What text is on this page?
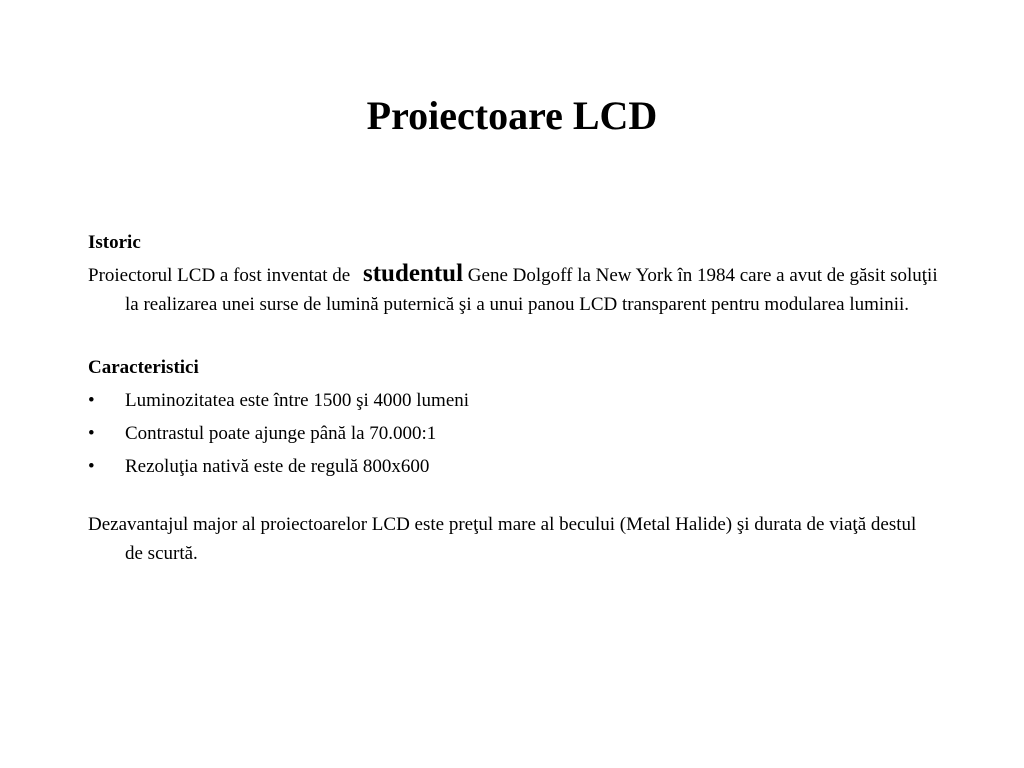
Proiectoare LCD

Istoric

Proiectorul LCD a fost inventat de studentul Gene Dolgoff la New York în 1984 care a avut de găsit soluţii la realizarea unei surse de lumină puternică şi a unui panou LCD transparent pentru modularea luminii.

Caracteristici

• Luminozitatea este între 1500 şi 4000 lumeni
• Contrastul poate ajunge până la 70.000:1
• Rezoluţia nativă este de regulă 800x600

Dezavantajul major al proiectoarelor LCD este preţul mare al becului (Metal Halide) şi durata de viaţă destul de scurtă.
